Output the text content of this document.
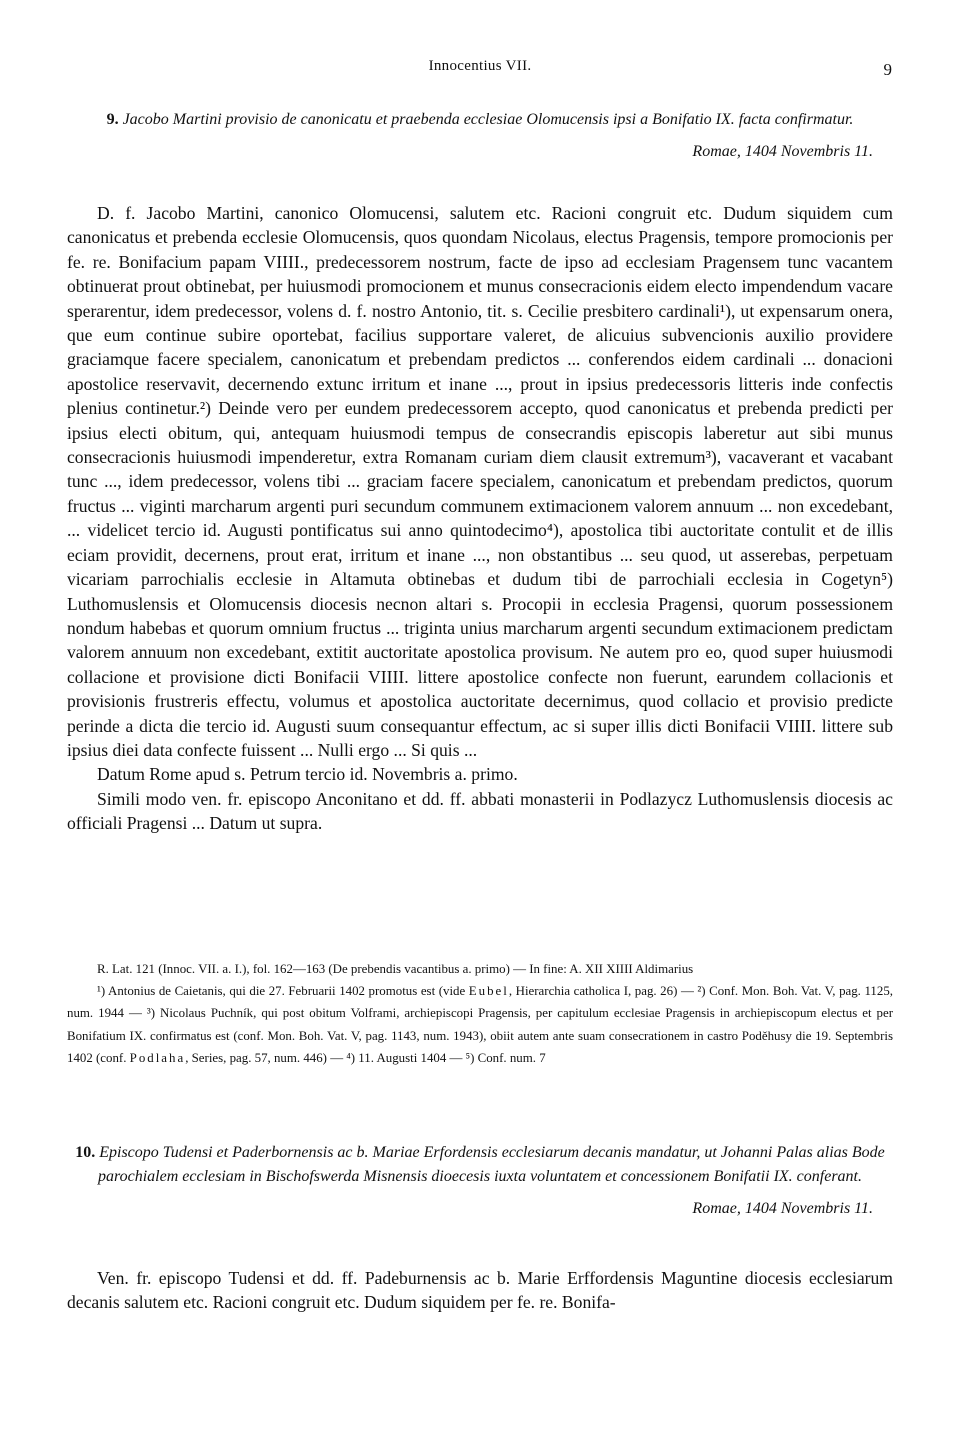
Innocentius VII.	9
9. Jacobo Martini provisio de canonicatu et praebenda ecclesiae Olomucensis ipsi a Bonifatio IX. facta confirmatur.
Romae, 1404 Novembris 11.

D. f. Jacobo Martini, canonico Olomucensi, salutem etc. Racioni congruit etc. Dudum siquidem cum canonicatus et prebenda ecclesie Olomucensis, quos quondam Nicolaus, electus Pragensis, tempore promocionis per fe. re. Bonifacium papam VIIII., predecessorem nostrum, facte de ipso ad ecclesiam Pragensem tunc vacantem obtinuerat prout obtinebat, per huiusmodi promocionem et munus consecracionis eidem electo impendendum vacare sperarentur, idem predecessor, volens d. f. nostro Antonio, tit. s. Cecilie presbitero cardinali¹), ut expensarum onera, que eum continue subire oportebat, facilius supportare valeret, de alicuius subvencionis auxilio providere graciamque facere specialem, canonicatum et prebendam predictos ... conferendos eidem cardinali ... donacioni apostolice reservavit, decernendo extunc irritum et inane ..., prout in ipsius predecessoris litteris inde confectis plenius continetur.²) Deinde vero per eundem predecessorem accepto, quod canonicatus et prebenda predicti per ipsius electi obitum, qui, antequam huiusmodi tempus de consecrandis episcopis laberetur aut sibi munus consecracionis huiusmodi impenderetur, extra Romanam curiam diem clausit extremum³), vacaverant et vacabant tunc ..., idem predecessor, volens tibi ... graciam facere specialem, canonicatum et prebendam predictos, quorum fructus ... viginti marcharum argenti puri secundum communem extimacionem valorem annuum ... non excedebant, ... videlicet tercio id. Augusti pontificatus sui anno quintodecimo⁴), apostolica tibi auctoritate contulit et de illis eciam providit, decernens, prout erat, irritum et inane ..., non obstantibus ... seu quod, ut asserebas, perpetuam vicariam parrochialis ecclesie in Altamuta obtinebas et dudum tibi de parrochiali ecclesia in Cogetyn⁵) Luthomuslensis et Olomucensis diocesis necnon altari s. Procopii in ecclesia Pragensi, quorum possessionem nondum habebas et quorum omnium fructus ... triginta unius marcharum argenti secundum extimacionem predictam valorem annuum non excedebant, extitit auctoritate apostolica provisum. Ne autem pro eo, quod super huiusmodi collacione et provisione dicti Bonifacii VIIII. littere apostolice confecte non fuerunt, earundem collacionis et provisionis frustreris effectu, volumus et apostolica auctoritate decernimus, quod collacio et provisio predicte perinde a dicta die tercio id. Augusti suum consequantur effectum, ac si super illis dicti Bonifacii VIIII. littere sub ipsius diei data confecte fuissent ... Nulli ergo ... Si quis ...

Datum Rome apud s. Petrum tercio id. Novembris a. primo.

Simili modo ven. fr. episcopo Anconitano et dd. ff. abbati monasterii in Podlazycz Luthomuslensis diocesis ac officiali Pragensi ... Datum ut supra.

R. Lat. 121 (Innoc. VII. a. I.), fol. 162—163 (De prebendis vacantibus a. primo) — In fine: A. XII XIIII Aldimarius

¹) Antonius de Caietanis, qui die 27. Februarii 1402 promotus est (vide Eubel, Hierarchia catholica I, pag. 26) — ²) Conf. Mon. Boh. Vat. V, pag. 1125, num. 1944 — ³) Nicolaus Puchník, qui post obitum Volframi, archiepiscopi Pragensis, per capitulum ecclesiae Pragensis in archiepiscopum electus et per Bonifatium IX. confirmatus est (conf. Mon. Boh. Vat. V, pag. 1143, num. 1943), obiit autem ante suam consecrationem in castro Poděhusy die 19. Septembris 1402 (conf. Podlaha, Series, pag. 57, num. 446) — ⁴) 11. Augusti 1404 — ⁵) Conf. num. 7

10. Episcopo Tudensi et Paderbornensis ac b. Mariae Erfordensis ecclesiarum decanis mandatur, ut Johanni Palas alias Bode parochialem ecclesiam in Bischofswerda Misnensis dioecesis iuxta voluntatem et concessionem Bonifatii IX. conferant.
Romae, 1404 Novembris 11.

Ven. fr. episcopo Tudensi et dd. ff. Padeburnensis ac b. Marie Erffordensis Maguntine diocesis ecclesiarum decanis salutem etc. Racioni congruit etc. Dudum siquidem per fe. re. Bonifa-
